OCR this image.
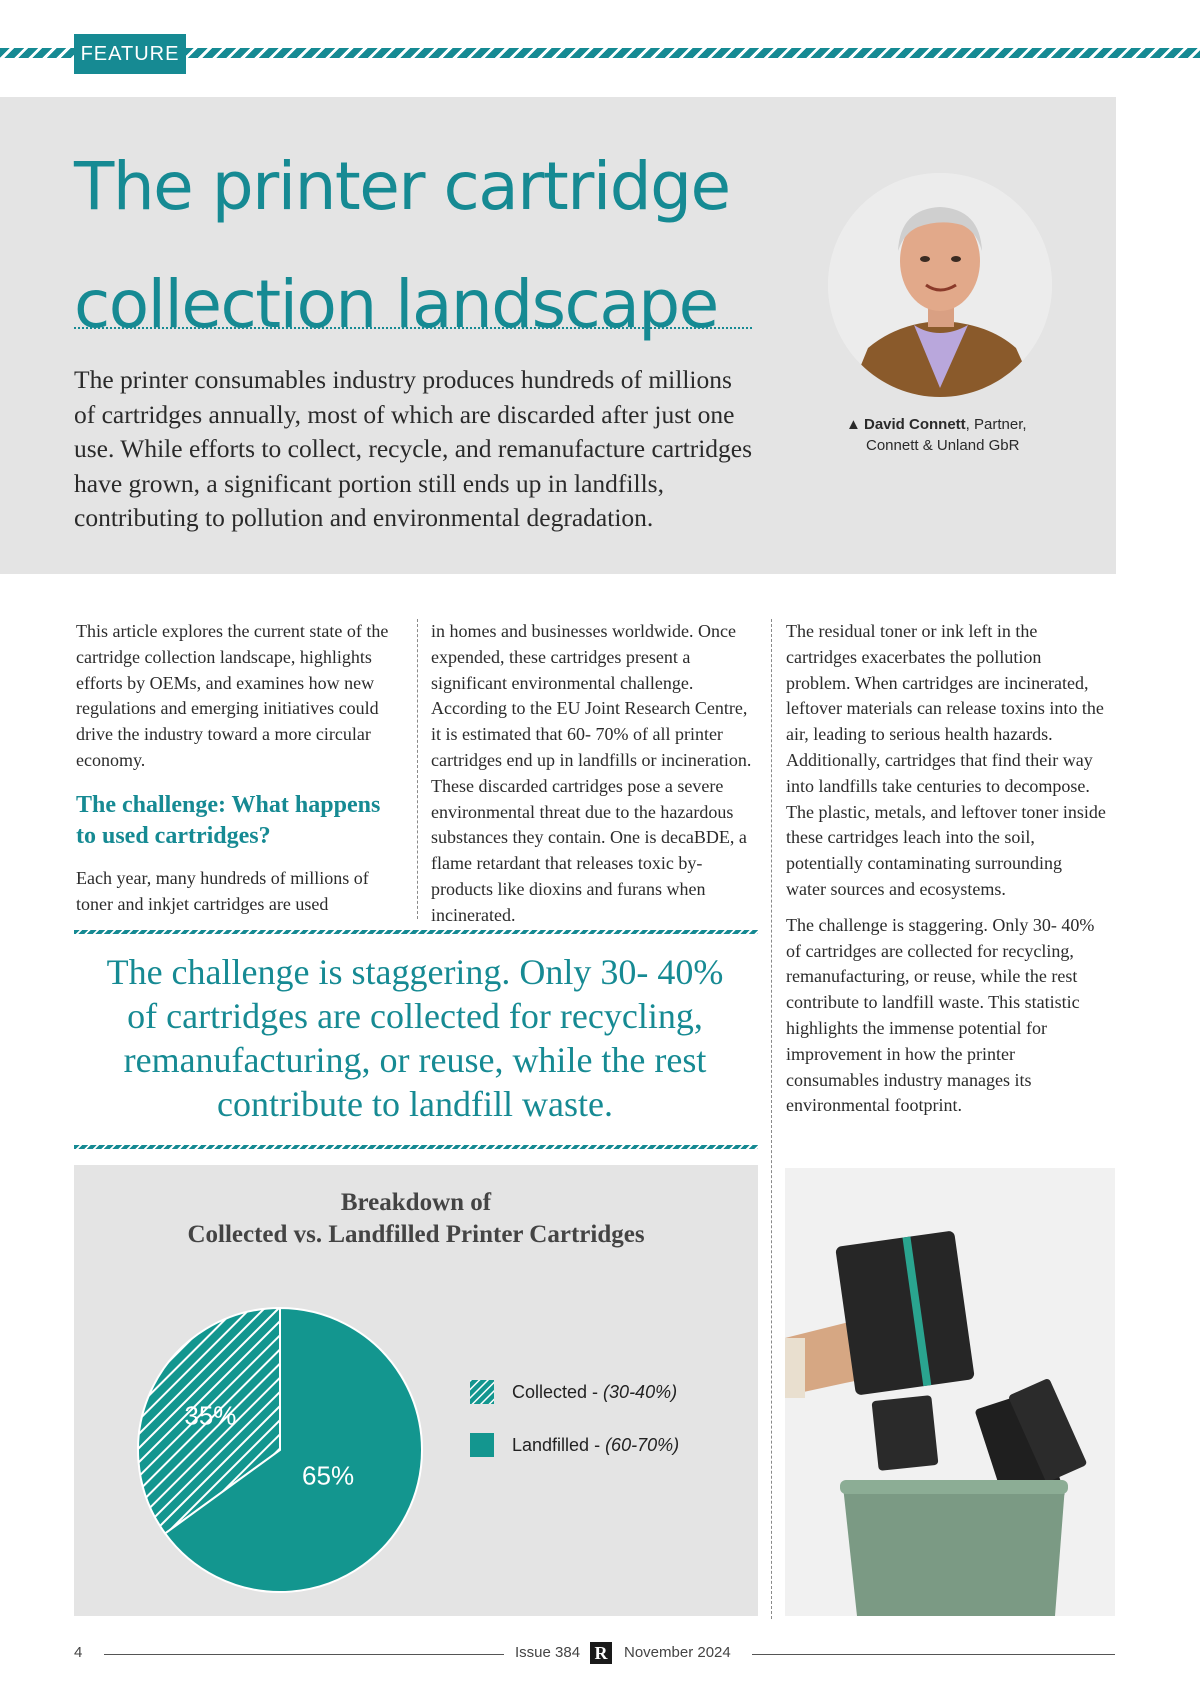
FEATURE
The printer cartridge
collection landscape

The printer consumables industry produces hundreds of millions of cartridges annually, most of which are discarded after just one use. While efforts to collect, recycle, and remanufacture cartridges have grown, a significant portion still ends up in landfills, contributing to pollution and environmental degradation.

▲ David Connett, Partner,
Connett & Unland GbR

This article explores the current state of the cartridge collection landscape, highlights efforts by OEMs, and examines how new regulations and emerging initiatives could drive the industry toward a more circular economy.

The challenge: What happens to used cartridges?

Each year, many hundreds of millions of toner and inkjet cartridges are used

in homes and businesses worldwide. Once expended, these cartridges present a significant environmental challenge. According to the EU Joint Research Centre, it is estimated that 60- 70% of all printer cartridges end up in landfills or incineration. These discarded cartridges pose a severe environmental threat due to the hazardous substances they contain. One is decaBDE, a flame retardant that releases toxic by-products like dioxins and furans when incinerated.

The residual toner or ink left in the cartridges exacerbates the pollution problem. When cartridges are incinerated, leftover materials can release toxins into the air, leading to serious health hazards. Additionally, cartridges that find their way into landfills take centuries to decompose. The plastic, metals, and leftover toner inside these cartridges leach into the soil, potentially contaminating surrounding water sources and ecosystems.

The challenge is staggering. Only 30- 40% of cartridges are collected for recycling, remanufacturing, or reuse, while the rest contribute to landfill waste. This statistic highlights the immense potential for improvement in how the printer consumables industry manages its environmental footprint.

The challenge is staggering. Only 30- 40% of cartridges are collected for recycling, remanufacturing, or reuse, while the rest contribute to landfill waste.

Breakdown of
Collected vs. Landfilled Printer Cartridges
35%
65%
Collected - (30-40%)
Landfilled - (60-70%)
4	Issue 384 R	November 2024
